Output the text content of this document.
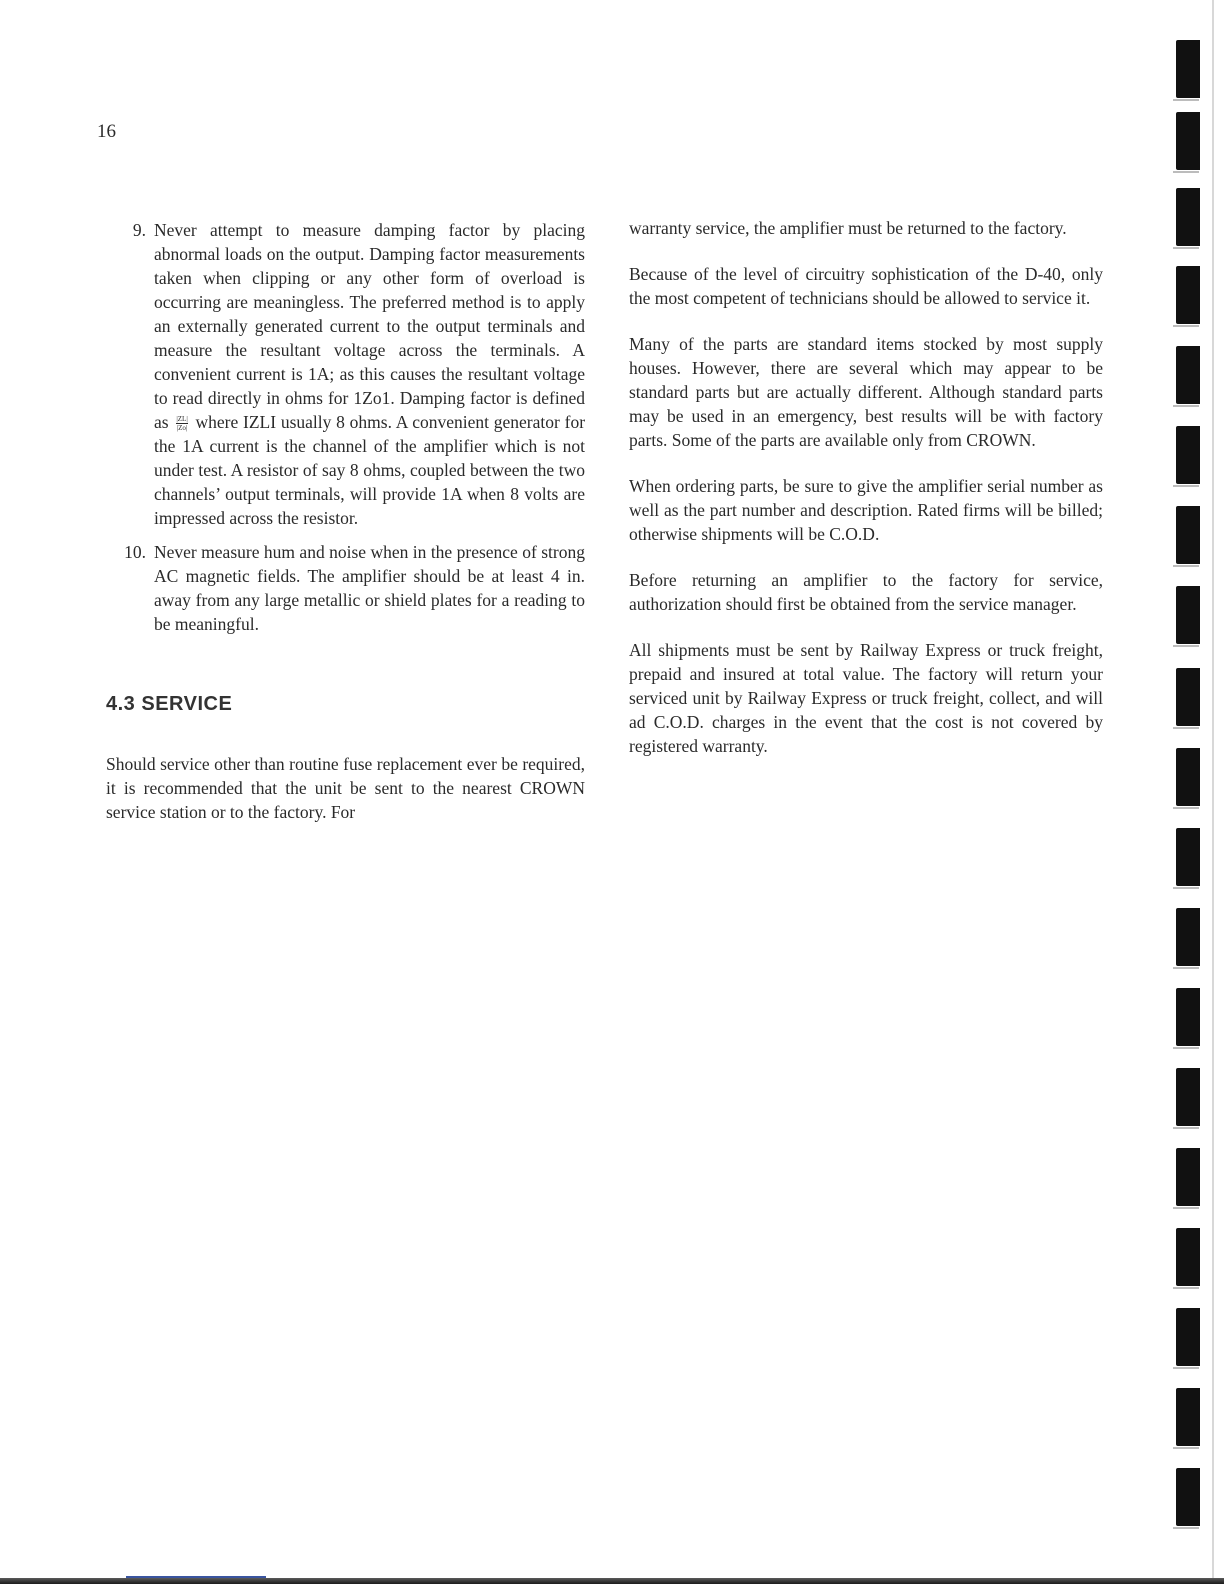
16
9. Never attempt to measure damping factor by placing abnormal loads on the output. Damping factor measurements taken when clipping or any other form of overload is occurring are meaningless. The preferred method is to apply an externally generated current to the output terminals and measure the resultant voltage across the terminals. A convenient current is 1A; as this causes the resultant voltage to read directly in ohms for 1Zo1. Damping factor is defined as $\frac{|ZL|}{|Zo|}$ where IZLI usually 8 ohms. A convenient generator for the 1A current is the channel of the amplifier which is not under test. A resistor of say 8 ohms, coupled between the two channels’ output terminals, will provide 1A when 8 volts are impressed across the resistor.
10. Never measure hum and noise when in the presence of strong AC magnetic fields. The amplifier should be at least 4 in. away from any large metallic or shield plates for a reading to be meaningful.
4.3 SERVICE

Should service other than routine fuse replacement ever be required, it is recommended that the unit be sent to the nearest CROWN service station or to the factory. For

warranty service, the amplifier must be returned to the factory.

Because of the level of circuitry sophistication of the D-40, only the most competent of technicians should be allowed to service it.

Many of the parts are standard items stocked by most supply houses. However, there are several which may appear to be standard parts but are actually different. Although standard parts may be used in an emergency, best results will be with factory parts. Some of the parts are available only from CROWN.

When ordering parts, be sure to give the amplifier serial number as well as the part number and description. Rated firms will be billed; otherwise shipments will be C.O.D.

Before returning an amplifier to the factory for service, authorization should first be obtained from the service manager.

All shipments must be sent by Railway Express or truck freight, prepaid and insured at total value. The factory will return your serviced unit by Railway Express or truck freight, collect, and will ad C.O.D. charges in the event that the cost is not covered by registered warranty.
